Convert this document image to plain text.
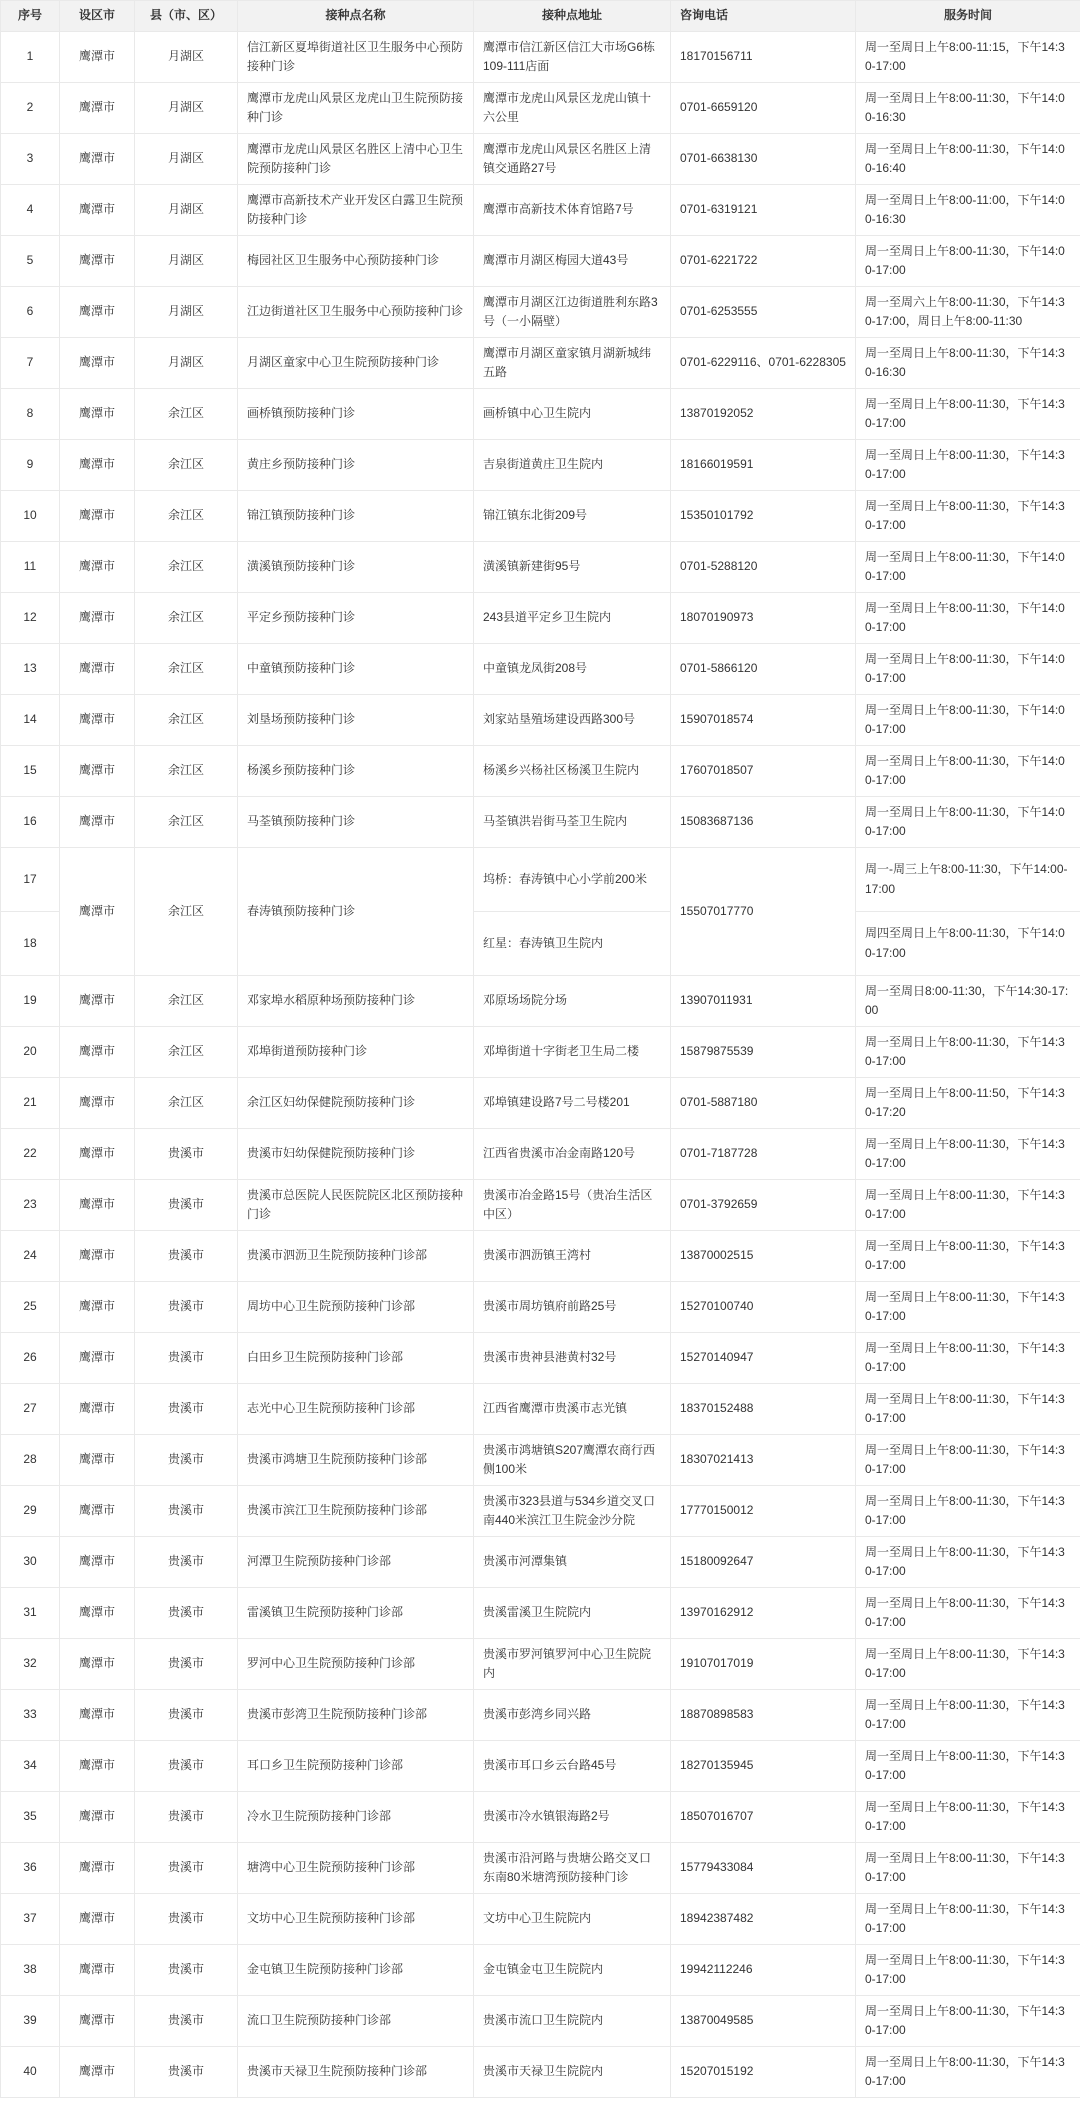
序号	设区市	县（市、区）	接种点名称	接种点地址	咨询电话	服务时间
1	鹰潭市	月湖区	信江新区夏埠街道社区卫生服务中心预防接种门诊	鹰潭市信江新区信江大市场G6栋109-111店面	18170156711	周一至周日上午8:00-11:15，下午14:30-17:00
2	鹰潭市	月湖区	鹰潭市龙虎山风景区龙虎山卫生院预防接种门诊	鹰潭市龙虎山风景区龙虎山镇十六公里	0701-6659120	周一至周日上午8:00-11:30，下午14:00-16:30
3	鹰潭市	月湖区	鹰潭市龙虎山风景区名胜区上清中心卫生院预防接种门诊	鹰潭市龙虎山风景区名胜区上清镇交通路27号	0701-6638130	周一至周日上午8:00-11:30，下午14:00-16:40
4	鹰潭市	月湖区	鹰潭市高新技术产业开发区白露卫生院预防接种门诊	鹰潭市高新技术体育馆路7号	0701-6319121	周一至周日上午8:00-11:00，下午14:00-16:30
5	鹰潭市	月湖区	梅园社区卫生服务中心预防接种门诊	鹰潭市月湖区梅园大道43号	0701-6221722	周一至周日上午8:00-11:30，下午14:00-17:00
6	鹰潭市	月湖区	江边街道社区卫生服务中心预防接种门诊	鹰潭市月湖区江边街道胜利东路3号（一小隔壁）	0701-6253555	周一至周六上午8:00-11:30，下午14:30-17:00，周日上午8:00-11:30
7	鹰潭市	月湖区	月湖区童家中心卫生院预防接种门诊	鹰潭市月湖区童家镇月湖新城纬五路	0701-6229116、0701-6228305	周一至周日上午8:00-11:30，下午14:30-16:30
8	鹰潭市	余江区	画桥镇预防接种门诊	画桥镇中心卫生院内	13870192052	周一至周日上午8:00-11:30，下午14:30-17:00
9	鹰潭市	余江区	黄庄乡预防接种门诊	吉泉街道黄庄卫生院内	18166019591	周一至周日上午8:00-11:30，下午14:30-17:00
10	鹰潭市	余江区	锦江镇预防接种门诊	锦江镇东北街209号	15350101792	周一至周日上午8:00-11:30，下午14:30-17:00
11	鹰潭市	余江区	潢溪镇预防接种门诊	潢溪镇新建街95号	0701-5288120	周一至周日上午8:00-11:30，下午14:00-17:00
12	鹰潭市	余江区	平定乡预防接种门诊	243县道平定乡卫生院内	18070190973	周一至周日上午8:00-11:30，下午14:00-17:00
13	鹰潭市	余江区	中童镇预防接种门诊	中童镇龙凤街208号	0701-5866120	周一至周日上午8:00-11:30，下午14:00-17:00
14	鹰潭市	余江区	刘垦场预防接种门诊	刘家站垦殖场建设西路300号	15907018574	周一至周日上午8:00-11:30，下午14:00-17:00
15	鹰潭市	余江区	杨溪乡预防接种门诊	杨溪乡兴杨社区杨溪卫生院内	17607018507	周一至周日上午8:00-11:30，下午14:00-17:00
16	鹰潭市	余江区	马荃镇预防接种门诊	马荃镇洪岩街马荃卫生院内	15083687136	周一至周日上午8:00-11:30，下午14:00-17:00
17	鹰潭市	余江区	春涛镇预防接种门诊	坞桥：春涛镇中心小学前200米	15507017770	周一-周三上午8:00-11:30，下午14:00-17:00
18				红星：春涛镇卫生院内		周四至周日上午8:00-11:30，下午14:00-17:00
19	鹰潭市	余江区	邓家埠水稻原种场预防接种门诊	邓原场场院分场	13907011931	周一至周日8:00-11:30，下午14:30-17:00
20	鹰潭市	余江区	邓埠街道预防接种门诊	邓埠街道十字街老卫生局二楼	15879875539	周一至周日上午8:00-11:30，下午14:30-17:00
21	鹰潭市	余江区	余江区妇幼保健院预防接种门诊	邓埠镇建设路7号二号楼201	0701-5887180	周一至周日上午8:00-11:50，下午14:30-17:20
22	鹰潭市	贵溪市	贵溪市妇幼保健院预防接种门诊	江西省贵溪市冶金南路120号	0701-7187728	周一至周日上午8:00-11:30，下午14:30-17:00
23	鹰潭市	贵溪市	贵溪市总医院人民医院院区北区预防接种门诊	贵溪市冶金路15号（贵冶生活区中区）	0701-3792659	周一至周日上午8:00-11:30，下午14:30-17:00
24	鹰潭市	贵溪市	贵溪市泗沥卫生院预防接种门诊部	贵溪市泗沥镇王湾村	13870002515	周一至周日上午8:00-11:30，下午14:30-17:00
25	鹰潭市	贵溪市	周坊中心卫生院预防接种门诊部	贵溪市周坊镇府前路25号	15270100740	周一至周日上午8:00-11:30，下午14:30-17:00
26	鹰潭市	贵溪市	白田乡卫生院预防接种门诊部	贵溪市贵神县港黄村32号	15270140947	周一至周日上午8:00-11:30，下午14:30-17:00
27	鹰潭市	贵溪市	志光中心卫生院预防接种门诊部	江西省鹰潭市贵溪市志光镇	18370152488	周一至周日上午8:00-11:30，下午14:30-17:00
28	鹰潭市	贵溪市	贵溪市鸿塘卫生院预防接种门诊部	贵溪市鸿塘镇S207鹰潭农商行西侧100米	18307021413	周一至周日上午8:00-11:30，下午14:30-17:00
29	鹰潭市	贵溪市	贵溪市滨江卫生院预防接种门诊部	贵溪市323县道与534乡道交叉口南440米滨江卫生院金沙分院	17770150012	周一至周日上午8:00-11:30，下午14:30-17:00
30	鹰潭市	贵溪市	河潭卫生院预防接种门诊部	贵溪市河潭集镇	15180092647	周一至周日上午8:00-11:30，下午14:30-17:00
31	鹰潭市	贵溪市	雷溪镇卫生院预防接种门诊部	贵溪雷溪卫生院院内	13970162912	周一至周日上午8:00-11:30，下午14:30-17:00
32	鹰潭市	贵溪市	罗河中心卫生院预防接种门诊部	贵溪市罗河镇罗河中心卫生院院内	19107017019	周一至周日上午8:00-11:30，下午14:30-17:00
33	鹰潭市	贵溪市	贵溪市彭湾卫生院预防接种门诊部	贵溪市彭湾乡同兴路	18870898583	周一至周日上午8:00-11:30，下午14:30-17:00
34	鹰潭市	贵溪市	耳口乡卫生院预防接种门诊部	贵溪市耳口乡云台路45号	18270135945	周一至周日上午8:00-11:30，下午14:30-17:00
35	鹰潭市	贵溪市	冷水卫生院预防接种门诊部	贵溪市冷水镇银海路2号	18507016707	周一至周日上午8:00-11:30，下午14:30-17:00
36	鹰潭市	贵溪市	塘湾中心卫生院预防接种门诊部	贵溪市沿河路与贵塘公路交叉口东南80米塘湾预防接种门诊	15779433084	周一至周日上午8:00-11:30，下午14:30-17:00
37	鹰潭市	贵溪市	文坊中心卫生院预防接种门诊部	文坊中心卫生院院内	18942387482	周一至周日上午8:00-11:30，下午14:30-17:00
38	鹰潭市	贵溪市	金屯镇卫生院预防接种门诊部	金屯镇金屯卫生院院内	19942112246	周一至周日上午8:00-11:30，下午14:30-17:00
39	鹰潭市	贵溪市	流口卫生院预防接种门诊部	贵溪市流口卫生院院内	13870049585	周一至周日上午8:00-11:30，下午14:30-17:00
40	鹰潭市	贵溪市	贵溪市天禄卫生院预防接种门诊部	贵溪市天禄卫生院院内	15207015192	周一至周日上午8:00-11:30，下午14:30-17:00
